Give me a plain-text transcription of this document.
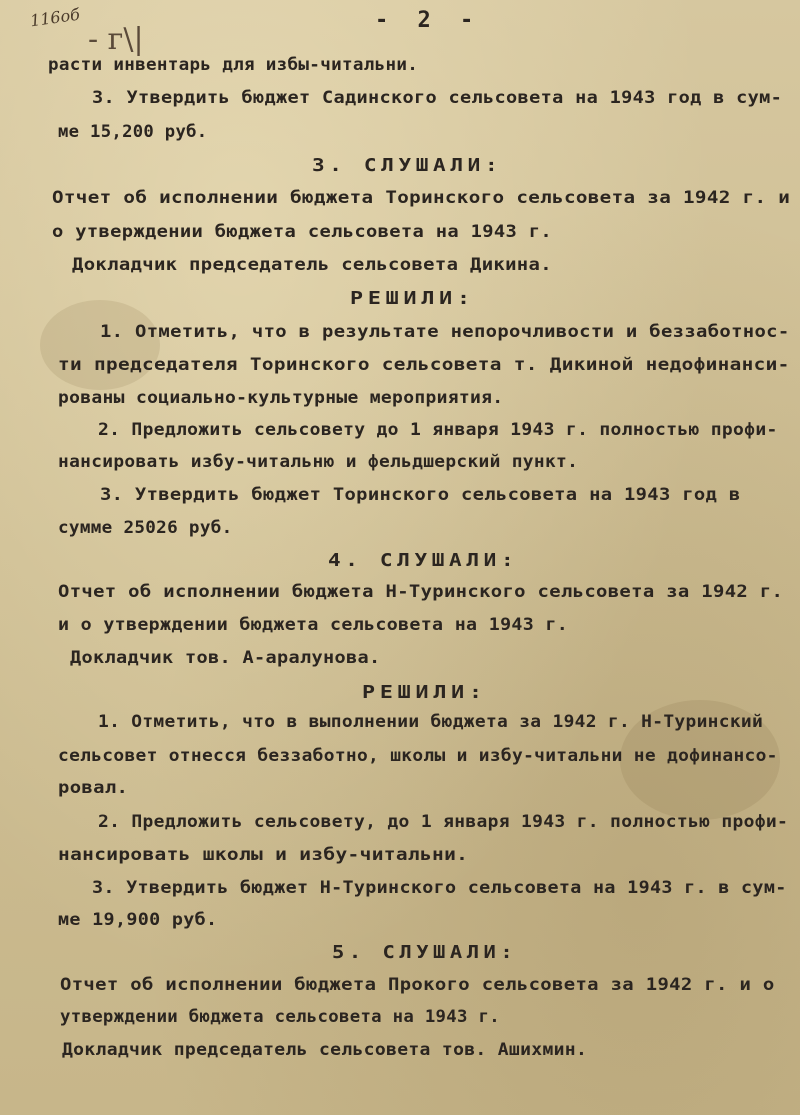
116об
‐ г\|
- 2 -
расти инвентарь для избы-читальни.
3. Утвердить бюджет Садинского сельсовета на 1943 год в сум-
ме 15,200 руб.
3. СЛУШАЛИ:
Отчет об исполнении бюджета Торинского сельсовета за 1942 г. и
о утверждении бюджета сельсовета на 1943 г.
Докладчик председатель сельсовета Дикина.
РЕШИЛИ:
1. Отметить, что в результате непорочливости и беззаботнос-
ти председателя Торинского сельсовета т. Дикиной недофинанси-
рованы социально-культурные мероприятия.
2. Предложить сельсовету до 1 января 1943 г. полностью профи-
нансировать избу-читальню и фельдшерский пункт.
3. Утвердить бюджет Торинского сельсовета на 1943 год в
сумме 25026 руб.
4. СЛУШАЛИ:
Отчет об исполнении бюджета Н-Туринского сельсовета за 1942 г.
и о утверждении бюджета сельсовета на 1943 г.
Докладчик тов. А-аралунова.
РЕШИЛИ:
1. Отметить, что в выполнении бюджета за 1942 г. Н-Туринский
сельсовет отнесся беззаботно, школы и избу-читальни не дофинансо-
ровал.
2. Предложить сельсовету, до 1 января 1943 г. полностью профи-
нансировать школы и избу-читальни.
3. Утвердить бюджет Н-Туринского сельсовета на 1943 г. в сум-
ме 19,900 руб.
5. СЛУШАЛИ:
Отчет об исполнении бюджета Прокого сельсовета за 1942 г. и о
утверждении бюджета сельсовета на 1943 г.
Докладчик председатель сельсовета тов. Ашихмин.
